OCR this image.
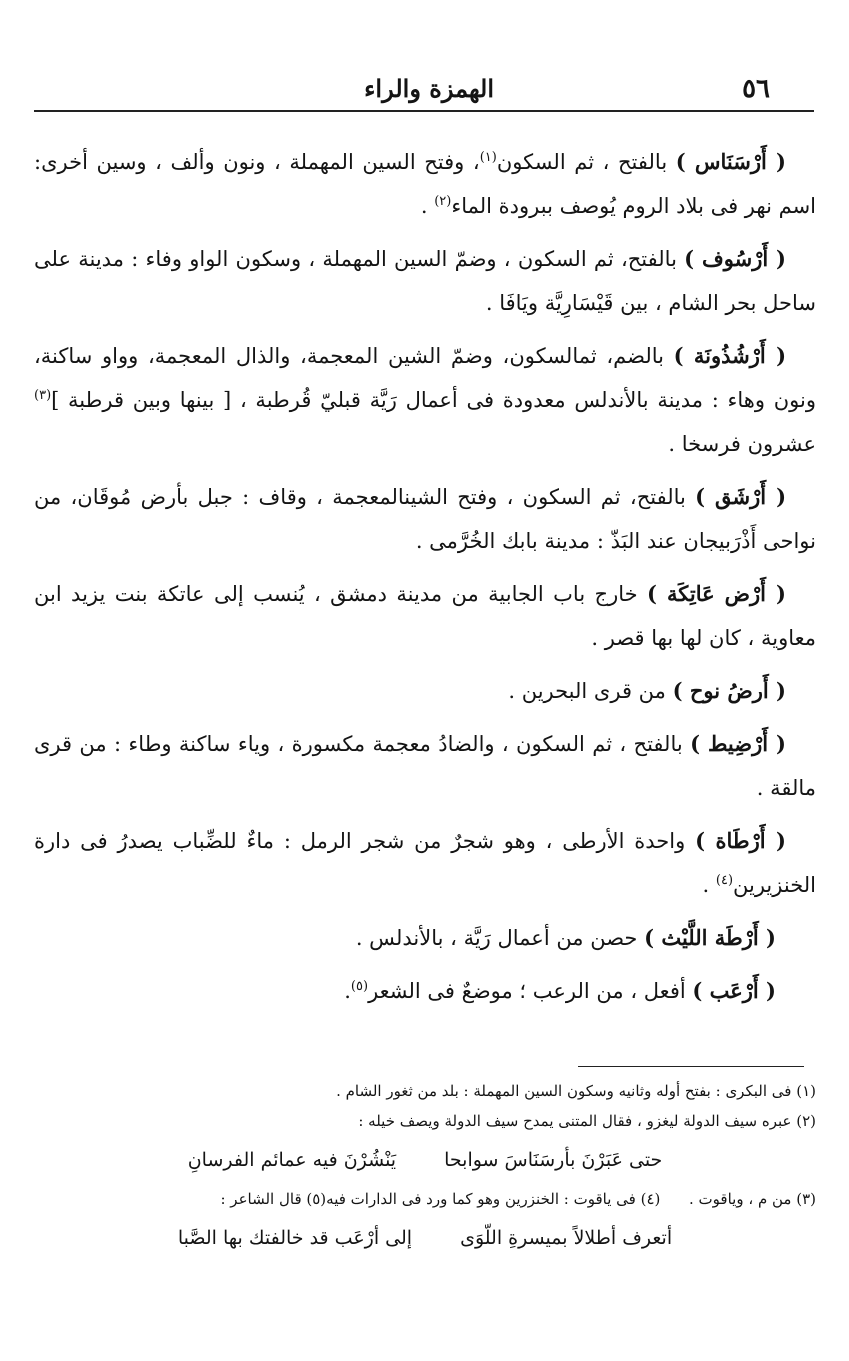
٥٦
الهمزة والراء

( أَرْسَنَاس ) بالفتح ، ثم السكون$^{(١)}$، وفتح السين المهملة ، ونون وألف ، وسين أخرى: اسم نهر فى بلاد الروم يُوصف ببرودة الماء$^{(٢)}$ .

( أَرْسُوف ) بالفتح، ثم السكون ، وضمّ السين المهملة ، وسكون الواو وفاء : مدينة على ساحل بحر الشام ، بين قَيْسَارِيَّة ويَافَا .

( أَرْشُذُونَة ) بالضم، ثمالسكون، وضمّ الشين المعجمة، والذال المعجمة، وواو ساكنة، ونون وهاء : مدينة بالأندلس معدودة فى أعمال رَيَّة قبليّ قُرطبة ، [ بينها وبين قرطبة ]$^{(٣)}$ عشرون فرسخا .

( أَرْشَق ) بالفتح، ثم السكون ، وفتح الشينالمعجمة ، وقاف : جبل بأرض مُوقَان، من نواحى أَذْرَبيجان عند البَذّ : مدينة بابك الخُرَّمى .

( أَرْض عَاتِكَة ) خارج باب الجابية من مدينة دمشق ، يُنسب إلى عاتكة بنت يزيد ابن معاوية ، كان لها بها قصر .

( أَرضُ نوح ) من قرى البحرين .

( أَرْضِيط ) بالفتح ، ثم السكون ، والضادُ معجمة مكسورة ، وياء ساكنة وطاء : من قرى مالقة .

( أَرْطَاة ) واحدة الأرطى ، وهو شجرٌ من شجر الرمل : ماءٌ للضِّباب يصدرُ فى دارة الخنزيرين$^{(٤)}$ .

( أَرْطَة اللَّيْث ) حصن من أعمال رَيَّة ، بالأندلس .

( أَرْعَب ) أفعل ، من الرعب ؛ موضعٌ فى الشعر$^{(٥)}$.

(١) فى البكرى : بفتح أوله وثانيه وسكون السين المهملة : بلد من ثغور الشام .
(٢) عبره سيف الدولة ليغزو ، فقال المتنى يمدح سيف الدولة ويصف خيله :
حتى عَبَرْنَ بأرسَنَاسَ سوابحا
يَنْشُرْنَ فيه عمائم الفرسانِ
(٣) من م ، وياقوت .      (٤) فى ياقوت : الخنزرين وهو كما ورد فى الدارات فيه(٥) قال الشاعر :
أتعرف أطلالاً بميسرةِ اللّوَى
إلى أرْعَب قد خالفتك بها الصَّبا
